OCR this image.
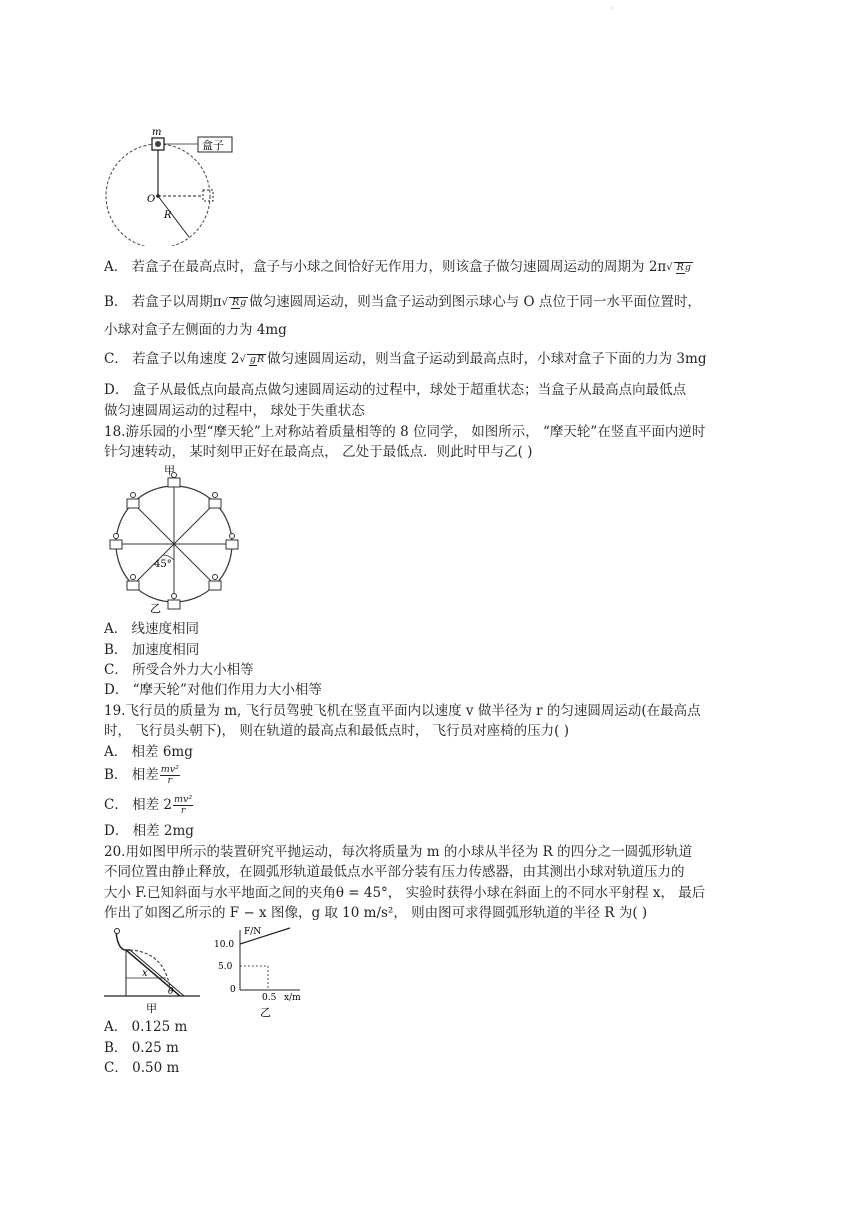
·
盒子
m
O
R
A． 若盒子在最高点时，盒子与小球之间恰好无作用力，则该盒子做匀速圆周运动的周期为 2π√ Rg
B． 若盒子以周期π√ Rg 做匀速圆周运动，则当盒子运动到图示球心与 O 点位于同一水平面位置时，
小球对盒子左侧面的力为 4mg
C． 若盒子以角速度 2√ gR 做匀速圆周运动，则当盒子运动到最高点时，小球对盒子下面的力为 3mg
D． 盒子从最低点向最高点做匀速圆周运动的过程中，球处于超重状态；当盒子从最高点向最低点
做匀速圆周运动的过程中， 球处于失重状态
18.游乐园的小型“摩天轮”上对称站着质量相等的 8 位同学， 如图所示， “摩天轮”在竖直平面内逆时
针匀速转动， 某时刻甲正好在最高点， 乙处于最低点．则此时甲与乙( )
甲
乙
45°
A． 线速度相同
B． 加速度相同
C． 所受合外力大小相等
D． “摩天轮”对他们作用力大小相等
19.飞行员的质量为 m, 飞行员驾驶飞机在竖直平面内以速度 v 做半径为 r 的匀速圆周运动(在最高点
时， 飞行员头朝下)， 则在轨道的最高点和最低点时， 飞行员对座椅的压力( )
A． 相差 6mg
B． 相差 $\frac{\text{mv²}}{r}$
C． 相差 $2 \frac{\text{mv²}}{r}$
D． 相差 2mg
20.用如图甲所示的装置研究平抛运动，每次将质量为 m 的小球从半径为 R 的四分之一圆弧形轨道
不同位置由静止释放，在圆弧形轨道最低点水平部分装有压力传感器，由其测出小球对轨道压力的
大小 F.已知斜面与水平地面之间的夹角θ = 45°， 实验时获得小球在斜面上的不同水平射程 x， 最后
作出了如图乙所示的 F − x 图像，g 取 10 m/s²， 则由图可求得圆弧形轨道的半径 R 为( )
x
θ
甲
F/N
10.0
5.0
0
0.5 x/m
乙
A． 0.125 m
B． 0.25 m
C． 0.50 m
